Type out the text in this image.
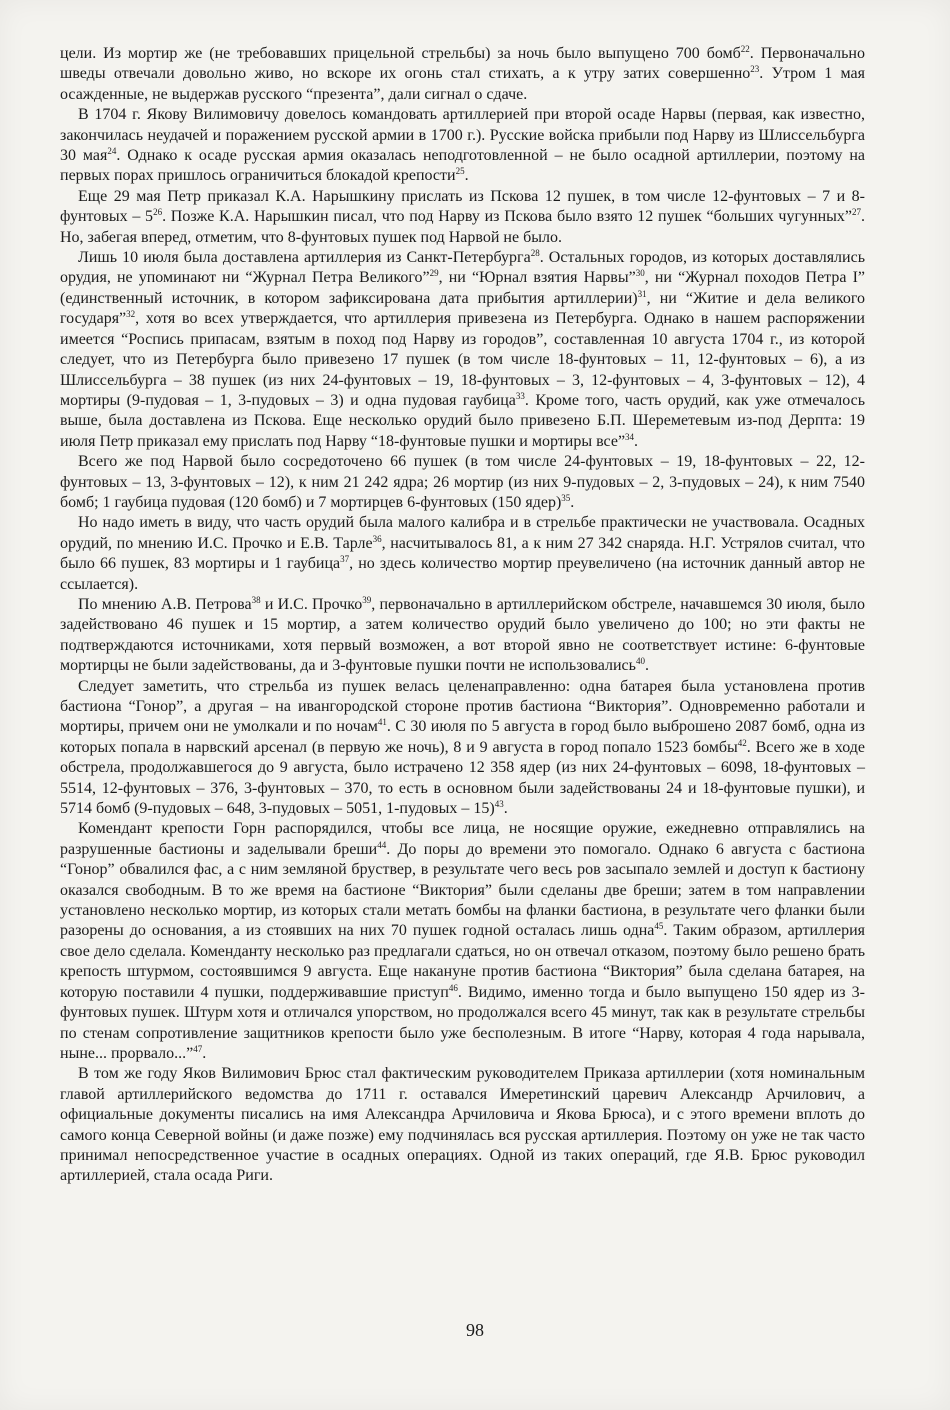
цели. Из мортир же (не требовавших прицельной стрельбы) за ночь было выпущено 700 бомб$^{22}$. Первоначально шведы отвечали довольно живо, но вскоре их огонь стал стихать, а к утру затих совершенно$^{23}$. Утром 1 мая осажденные, не выдержав русского “презента”, дали сигнал о сдаче.

В 1704 г. Якову Вилимовичу довелось командовать артиллерией при второй осаде Нарвы (первая, как известно, закончилась неудачей и поражением русской армии в 1700 г.). Русские войска прибыли под Нарву из Шлиссельбурга 30 мая$^{24}$. Однако к осаде русская армия оказалась неподготовленной – не было осадной артиллерии, поэтому на первых порах пришлось ограничиться блокадой крепости$^{25}$.

Еще 29 мая Петр приказал К.А. Нарышкину прислать из Пскова 12 пушек, в том числе 12-фунтовых – 7 и 8-фунтовых – $5^{26}$. Позже К.А. Нарышкин писал, что под Нарву из Пскова было взято 12 пушек “больших чугунных”$^{27}$. Но, забегая вперед, отметим, что 8-фунтовых пушек под Нарвой не было.

Лишь 10 июля была доставлена артиллерия из Санкт-Петербурга$^{28}$. Остальных городов, из которых доставлялись орудия, не упоминают ни “Журнал Петра Великого”$^{29}$, ни “Юрнал взятия Нарвы”$^{30}$, ни “Журнал походов Петра I” (единственный источник, в котором зафиксирована дата прибытия артиллерии)$^{31}$, ни “Житие и дела великого государя”$^{32}$, хотя во всех утверждается, что артиллерия привезена из Петербурга. Однако в нашем распоряжении имеется “Роспись припасам, взятым в поход под Нарву из городов”, составленная 10 августа 1704 г., из которой следует, что из Петербурга было привезено 17 пушек (в том числе 18-фунтовых – 11, 12-фунтовых – 6), а из Шлиссельбурга – 38 пушек (из них 24-фунтовых – 19, 18-фунтовых – 3, 12-фунтовых – 4, 3-фунтовых – 12), 4 мортиры (9-пудовая – 1, 3-пудовых – 3) и одна пудовая гаубица$^{33}$. Кроме того, часть орудий, как уже отмечалось выше, была доставлена из Пскова. Еще несколько орудий было привезено Б.П. Шереметевым из-под Дерпта: 19 июля Петр приказал ему прислать под Нарву “18-фунтовые пушки и мортиры все”$^{34}$.

Всего же под Нарвой было сосредоточено 66 пушек (в том числе 24-фунтовых – 19, 18-фунтовых – 22, 12-фунтовых – 13, 3-фунтовых – 12), к ним 21 242 ядра; 26 мортир (из них 9-пудовых – 2, 3-пудовых – 24), к ним 7540 бомб; 1 гаубица пудовая (120 бомб) и 7 мортирцев 6-фунтовых (150 ядер)$^{35}$.

Но надо иметь в виду, что часть орудий была малого калибра и в стрельбе практически не участвовала. Осадных орудий, по мнению И.С. Прочко и Е.В. Тарле$^{36}$, насчитывалось 81, а к ним 27 342 снаряда. Н.Г. Устрялов считал, что было 66 пушек, 83 мортиры и 1 гаубица$^{37}$, но здесь количество мортир преувеличено (на источник данный автор не ссылается).

По мнению А.В. Петрова$^{38}$ и И.С. Прочко$^{39}$, первоначально в артиллерийском обстреле, начавшемся 30 июля, было задействовано 46 пушек и 15 мортир, а затем количество орудий было увеличено до 100; но эти факты не подтверждаются источниками, хотя первый возможен, а вот второй явно не соответствует истине: 6-фунтовые мортирцы не были задействованы, да и 3-фунтовые пушки почти не использовались$^{40}$.

Следует заметить, что стрельба из пушек велась целенаправленно: одна батарея была установлена против бастиона “Гонор”, а другая – на ивангородской стороне против бастиона “Виктория”. Одновременно работали и мортиры, причем они не умолкали и по ночам$^{41}$. С 30 июля по 5 августа в город было выброшено 2087 бомб, одна из которых попала в нарвский арсенал (в первую же ночь), 8 и 9 августа в город попало 1523 бомбы$^{42}$. Всего же в ходе обстрела, продолжавшегося до 9 августа, было истрачено 12 358 ядер (из них 24-фунтовых – 6098, 18-фунтовых – 5514, 12-фунтовых – 376, 3-фунтовых – 370, то есть в основном были задействованы 24 и 18-фунтовые пушки), и 5714 бомб (9-пудовых – 648, 3-пудовых – 5051, 1-пудовых – 15)$^{43}$.

Комендант крепости Горн распорядился, чтобы все лица, не носящие оружие, ежедневно отправлялись на разрушенные бастионы и заделывали бреши$^{44}$. До поры до времени это помогало. Однако 6 августа с бастиона “Гонор” обвалился фас, а с ним земляной бруствер, в результате чего весь ров засыпало землей и доступ к бастиону оказался свободным. В то же время на бастионе “Виктория” были сделаны две бреши; затем в том направлении установлено несколько мортир, из которых стали метать бомбы на фланки бастиона, в результате чего фланки были разорены до основания, а из стоявших на них 70 пушек годной осталась лишь одна$^{45}$. Таким образом, артиллерия свое дело сделала. Коменданту несколько раз предлагали сдаться, но он отвечал отказом, поэтому было решено брать крепость штурмом, состоявшимся 9 августа. Еще накануне против бастиона “Виктория” была сделана батарея, на которую поставили 4 пушки, поддерживавшие приступ$^{46}$. Видимо, именно тогда и было выпущено 150 ядер из 3-фунтовых пушек. Штурм хотя и отличался упорством, но продолжался всего 45 минут, так как в результате стрельбы по стенам сопротивление защитников крепости было уже бесполезным. В итоге “Нарву, которая 4 года нарывала, ныне... прорвало...”$^{47}$.

В том же году Яков Вилимович Брюс стал фактическим руководителем Приказа артиллерии (хотя номинальным главой артиллерийского ведомства до 1711 г. оставался Имеретинский царевич Александр Арчилович, а официальные документы писались на имя Александра Арчиловича и Якова Брюса), и с этого времени вплоть до самого конца Северной войны (и даже позже) ему подчинялась вся русская артиллерия. Поэтому он уже не так часто принимал непосредственное участие в осадных операциях. Одной из таких операций, где Я.В. Брюс руководил артиллерией, стала осада Риги.

98
